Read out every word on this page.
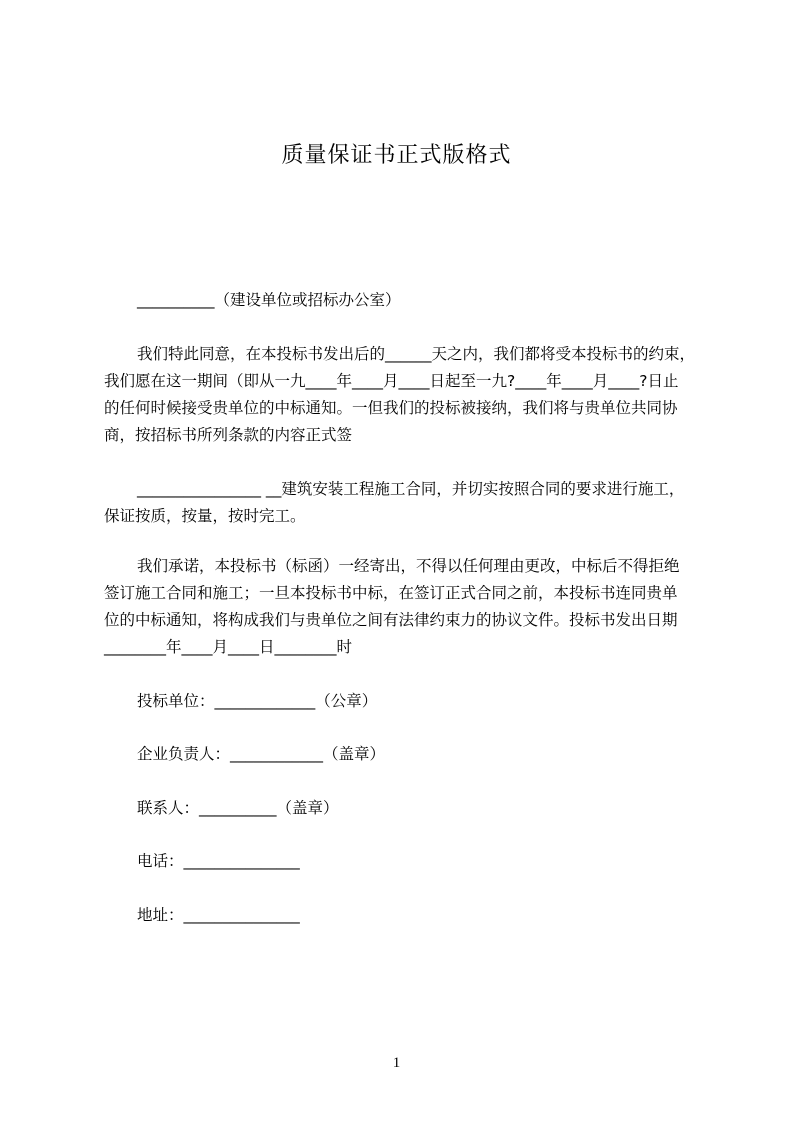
质量保证书正式版格式
__________（建设单位或招标办公室）
我们特此同意，在本投标书发出后的______天之内，我们都将受本投标书的约束，
我们愿在这一期间（即从一九____年____月____日起至一九?____年____月____?日止
的任何时候接受贵单位的中标通知。一但我们的投标被接纳，我们将与贵单位共同协
商，按招标书所列条款的内容正式签
________________ __建筑安装工程施工合同，并切实按照合同的要求进行施工，
保证按质，按量，按时完工。
我们承诺，本投标书（标函）一经寄出，不得以任何理由更改，中标后不得拒绝
签订施工合同和施工；一旦本投标书中标，在签订正式合同之前，本投标书连同贵单
位的中标通知，将构成我们与贵单位之间有法律约束力的协议文件。投标书发出日期
________年____月____日________时
投标单位：_____________（公章）
企业负责人：____________（盖章）
联系人：__________（盖章）
电话：_______________
地址：_______________
1
